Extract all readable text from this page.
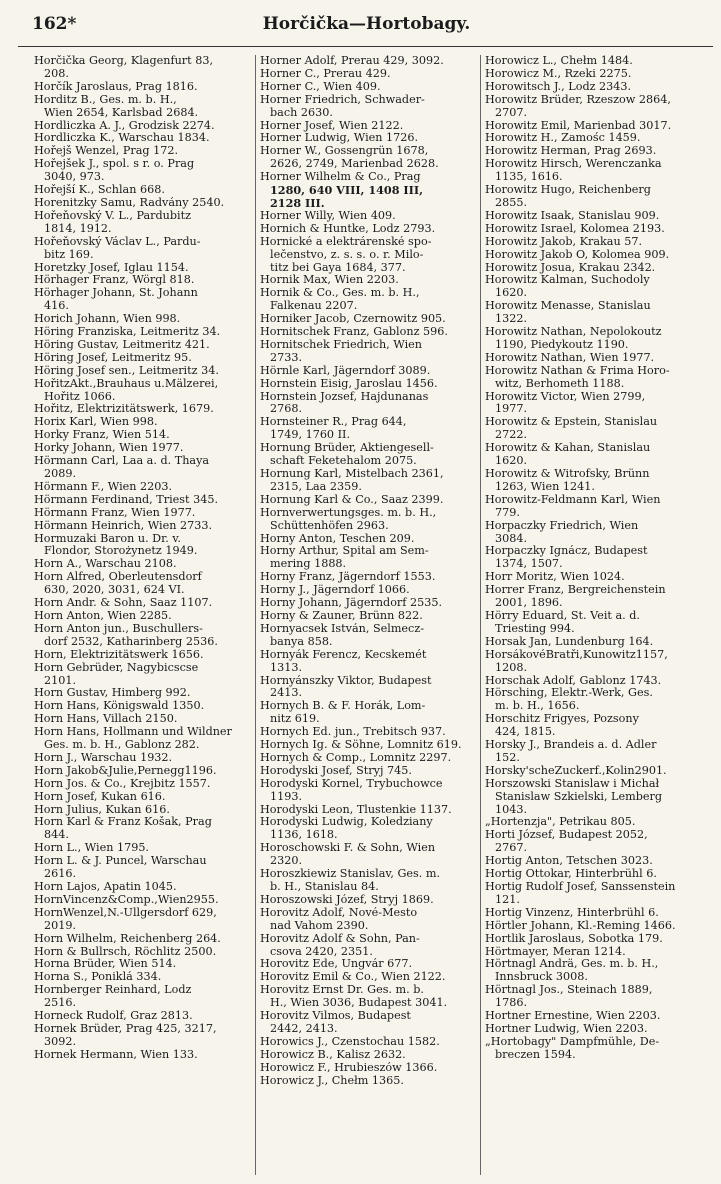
162*	Horčička—Hortobagy.
Horčička Georg, Klagenfurt 83,
208.
Horčík Jaroslaus, Prag 1816.
Horditz B., Ges. m. b. H.,
Wien 2654, Karlsbad 2684.
Hordliczka A. J., Grodzisk 2274.
Hordliczka K., Warschau 1834.
Hořejš Wenzel, Prag 172.
Hořejšek J., spol. s r. o. Prag
3040, 973.
Hořejší K., Schlan 668.
Horenitzky Samu, Radvány 2540.
Hořeňovský V. L., Pardubitz
1814, 1912.
Hořeňovský Václav L., Pardu-
bitz 169.
Horetzky Josef, Iglau 1154.
Hörhager Franz, Wörgl 818.
Hörhager Johann, St. Johann
416.
Horich Johann, Wien 998.
Höring Franziska, Leitmeritz 34.
Höring Gustav, Leitmeritz 421.
Höring Josef, Leitmeritz 95.
Höring Josef sen., Leitmeritz 34.
HořitzAkt.,Brauhaus u.Mälzerei,
Hořitz 1066.
Hořitz, Elektrizitätswerk, 1679.
Horix Karl, Wien 998.
Horky Franz, Wien 514.
Horky Johann, Wien 1977.
Hörmann Carl, Laa a. d. Thaya
2089.
Hörmann F., Wien 2203.
Hörmann Ferdinand, Triest 345.
Hörmann Franz, Wien 1977.
Hörmann Heinrich, Wien 2733.
Hormuzaki Baron u. Dr. v.
Flondor, Storożynetz 1949.
Horn A., Warschau 2108.
Horn Alfred, Oberleutensdorf
630, 2020, 3031, 624 VI.
Horn Andr. & Sohn, Saaz 1107.
Horn Anton, Wien 2285.
Horn Anton jun., Buschullers-
dorf 2532, Katharinberg 2536.
Horn, Elektrizitätswerk 1656.
Horn Gebrüder, Nagybicscse
2101.
Horn Gustav, Himberg 992.
Horn Hans, Königswald 1350.
Horn Hans, Villach 2150.
Horn Hans, Hollmann und Wildner
Ges. m. b. H., Gablonz 282.
Horn J., Warschau 1932.
Horn Jakob&Julie,Pernegg1196.
Horn Jos. & Co., Krejbitz 1557.
Horn Josef, Kukan 616.
Horn Julius, Kukan 616.
Horn Karl & Franz Košak, Prag
844.
Horn L., Wien 1795.
Horn L. & J. Puncel, Warschau
2616.
Horn Lajos, Apatin 1045.
HornVincenz&Comp.,Wien2955.
HornWenzel,N.-Ullgersdorf 629,
2019.
Horn Wilhelm, Reichenberg 264.
Horn & Bullrsch, Röchlitz 2500.
Horna Brüder, Wien 514.
Horna S., Poniklá 334.
Hornberger Reinhard, Lodz
2516.
Horneck Rudolf, Graz 2813.
Hornek Brüder, Prag 425, 3217,
3092.
Hornek Hermann, Wien 133.
Horner Adolf, Prerau 429, 3092.
Horner C., Prerau 429.
Horner C., Wien 409.
Horner Friedrich, Schwader-
bach 2630.
Horner Josef, Wien 2122.
Horner Ludwig, Wien 1726.
Horner W., Gossengrün 1678,
2626, 2749, Marienbad 2628.
Horner Wilhelm & Co., Prag
1280, 640 VIII, 1408 III,
2128 III.
Horner Willy, Wien 409.
Hornich & Huntke, Lodz 2793.
Hornické a elektrárenské spo-
lečenstvo, z. s. s. o. r. Milo-
titz bei Gaya 1684, 377.
Hornik Max, Wien 2203.
Hornik & Co., Ges. m. b. H.,
Falkenau 2207.
Horniker Jacob, Czernowitz 905.
Hornitschek Franz, Gablonz 596.
Hornitschek Friedrich, Wien
2733.
Hörnle Karl, Jägerndorf 3089.
Hornstein Eisig, Jaroslau 1456.
Hornstein Jozsef, Hajdunanas
2768.
Hornsteiner R., Prag 644,
1749, 1760 II.
Hornung Brüder, Aktiengesell-
schaft Feketehalom 2075.
Hornung Karl, Mistelbach 2361,
2315, Laa 2359.
Hornung Karl & Co., Saaz 2399.
Hornverwertungsges. m. b. H.,
Schüttenhöfen 2963.
Horny Anton, Teschen 209.
Horny Arthur, Spital am Sem-
mering 1888.
Horny Franz, Jägerndorf 1553.
Horny J., Jägerndorf 1066.
Horny Johann, Jägerndorf 2535.
Horny & Zauner, Brünn 822.
Hornyacsek István, Selmecz-
banya 858.
Hornyák Ferencz, Kecskemét
1313.
Hornyánszky Viktor, Budapest
2413.
Hornych B. & F. Horák, Lom-
nitz 619.
Hornych Ed. jun., Trebitsch 937.
Hornych Ig. & Söhne, Lomnitz 619.
Hornych & Comp., Lomnitz 2297.
Horodyski Josef, Stryj 745.
Horodyski Kornel, Trybuchowce
1193.
Horodyski Leon, Tlustenkie 1137.
Horodyski Ludwig, Koledziany
1136, 1618.
Horoschowski F. & Sohn, Wien
2320.
Horoszkiewiz Stanislav, Ges. m.
b. H., Stanislau 84.
Horoszowski Józef, Stryj 1869.
Horovitz Adolf, Nové-Mesto
nad Vahom 2390.
Horovitz Adolf & Sohn, Pan-
csova 2420, 2351.
Horovitz Ede, Ungvár 677.
Horovitz Emil & Co., Wien 2122.
Horovitz Ernst Dr. Ges. m. b.
H., Wien 3036, Budapest 3041.
Horovitz Vilmos, Budapest
2442, 2413.
Horowics J., Czenstochau 1582.
Horowicz B., Kalisz 2632.
Horowicz F., Hrubieszów 1366.
Horowicz J., Chełm 1365.
Horowicz L., Chełm 1484.
Horowicz M., Rzeki 2275.
Horowitsch J., Lodz 2343.
Horowitz Brüder, Rzeszow 2864,
2707.
Horowitz Emil, Marienbad 3017.
Horowitz H., Zamośc 1459.
Horowitz Herman, Prag 2693.
Horowitz Hirsch, Werenczanka
1135, 1616.
Horowitz Hugo, Reichenberg
2855.
Horowitz Isaak, Stanislau 909.
Horowitz Israel, Kolomea 2193.
Horowitz Jakob, Krakau 57.
Horowitz Jakob O, Kolomea 909.
Horowitz Josua, Krakau 2342.
Horowitz Kalman, Suchodoly
1620.
Horowitz Menasse, Stanislau
1322.
Horowitz Nathan, Nepolokoutz
1190, Piedykoutz 1190.
Horowitz Nathan, Wien 1977.
Horowitz Nathan & Frima Horo-
witz, Berhometh 1188.
Horowitz Victor, Wien 2799,
1977.
Horowitz & Epstein, Stanislau
2722.
Horowitz & Kahan, Stanislau
1620.
Horowitz & Witrofsky, Brünn
1263, Wien 1241.
Horowitz-Feldmann Karl, Wien
779.
Horpaczky Friedrich, Wien
3084.
Horpaczky Ignácz, Budapest
1374, 1507.
Horr Moritz, Wien 1024.
Horrer Franz, Bergreichenstein
2001, 1896.
Hörry Eduard, St. Veit a. d.
Triesting 994.
Horsak Jan, Lundenburg 164.
HorsákovéBratři,Kunowitz1157,
1208.
Horschak Adolf, Gablonz 1743.
Hörsching, Elektr.-Werk, Ges.
m. b. H., 1656.
Horschitz Frigyes, Pozsony
424, 1815.
Horsky J., Brandeis a. d. Adler
152.
Horsky'scheZuckerf.,Kolin2901.
Horszowski Stanislaw i Michał
Stanislaw Szkielski, Lemberg
1043.
„Hortenzja", Petrikau 805.
Horti József, Budapest 2052,
2767.
Hortig Anton, Tetschen 3023.
Hortig Ottokar, Hinterbrühl 6.
Hortig Rudolf Josef, Sanssenstein
121.
Hortig Vinzenz, Hinterbrühl 6.
Hörtler Johann, Kl.-Reming 1466.
Hortlik Jaroslaus, Sobotka 179.
Hörtmayer, Meran 1214.
Hörtnagl Andrä, Ges. m. b. H.,
Innsbruck 3008.
Hörtnagl Jos., Steinach 1889,
1786.
Hortner Ernestine, Wien 2203.
Hortner Ludwig, Wien 2203.
„Hortobagy" Dampfmühle, De-
breczen 1594.
